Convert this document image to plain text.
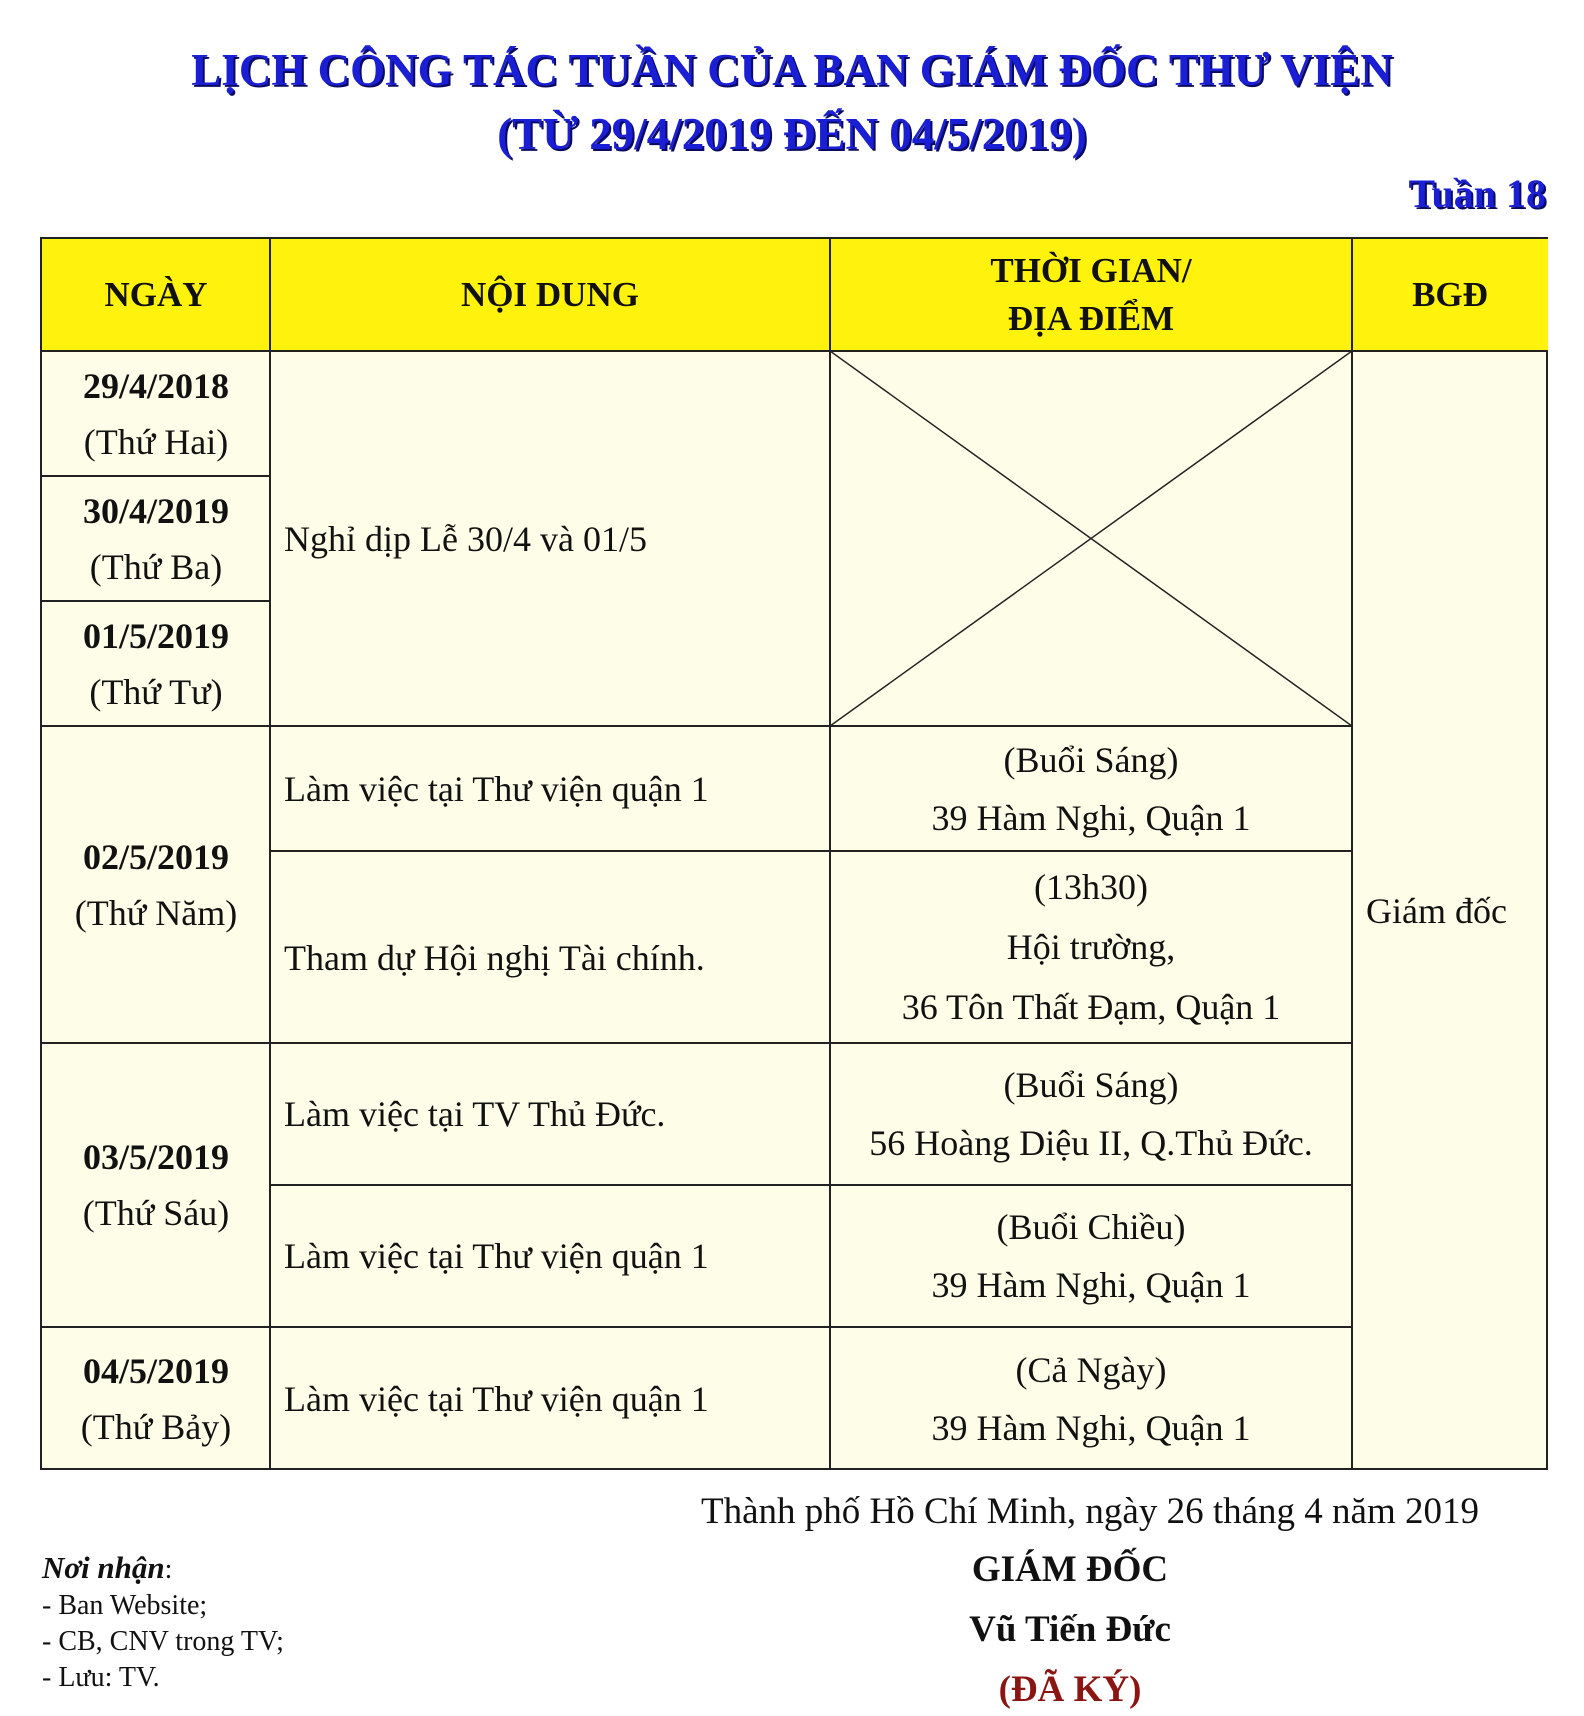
LỊCH CÔNG TÁC TUẦN CỦA BAN GIÁM ĐỐC THƯ VIỆN
(TỪ 29/4/2019 ĐẾN 04/5/2019)
Tuần 18
NGÀY	NỘI DUNG
THỜI GIAN/
ĐỊA ĐIỂM
BGĐ
29/4/2018
(Thứ Hai)
30/4/2019
(Thứ Ba)
01/5/2019
(Thứ Tư)
02/5/2019
(Thứ Năm)
03/5/2019
(Thứ Sáu)
04/5/2019
(Thứ Bảy)
Nghỉ dịp Lễ 30/4 và 01/5
Làm việc tại Thư viện quận 1
Tham dự Hội nghị Tài chính.
Làm việc tại TV Thủ Đức.
Làm việc tại Thư viện quận 1
Làm việc tại Thư viện quận 1
(Buổi Sáng)
39 Hàm Nghi, Quận 1
(13h30)
Hội trường,
36 Tôn Thất Đạm, Quận 1
(Buổi Sáng)
56 Hoàng Diệu II, Q.Thủ Đức.
(Buổi Chiều)
39 Hàm Nghi, Quận 1
(Cả Ngày)
39 Hàm Nghi, Quận 1
Giám đốc
Thành phố Hồ Chí Minh, ngày 26 tháng 4 năm 2019
GIÁM ĐỐC
Vũ Tiến Đức
(ĐÃ KÝ)
Nơi nhận:
- Ban Website;
- CB, CNV trong TV;
- Lưu: TV.
